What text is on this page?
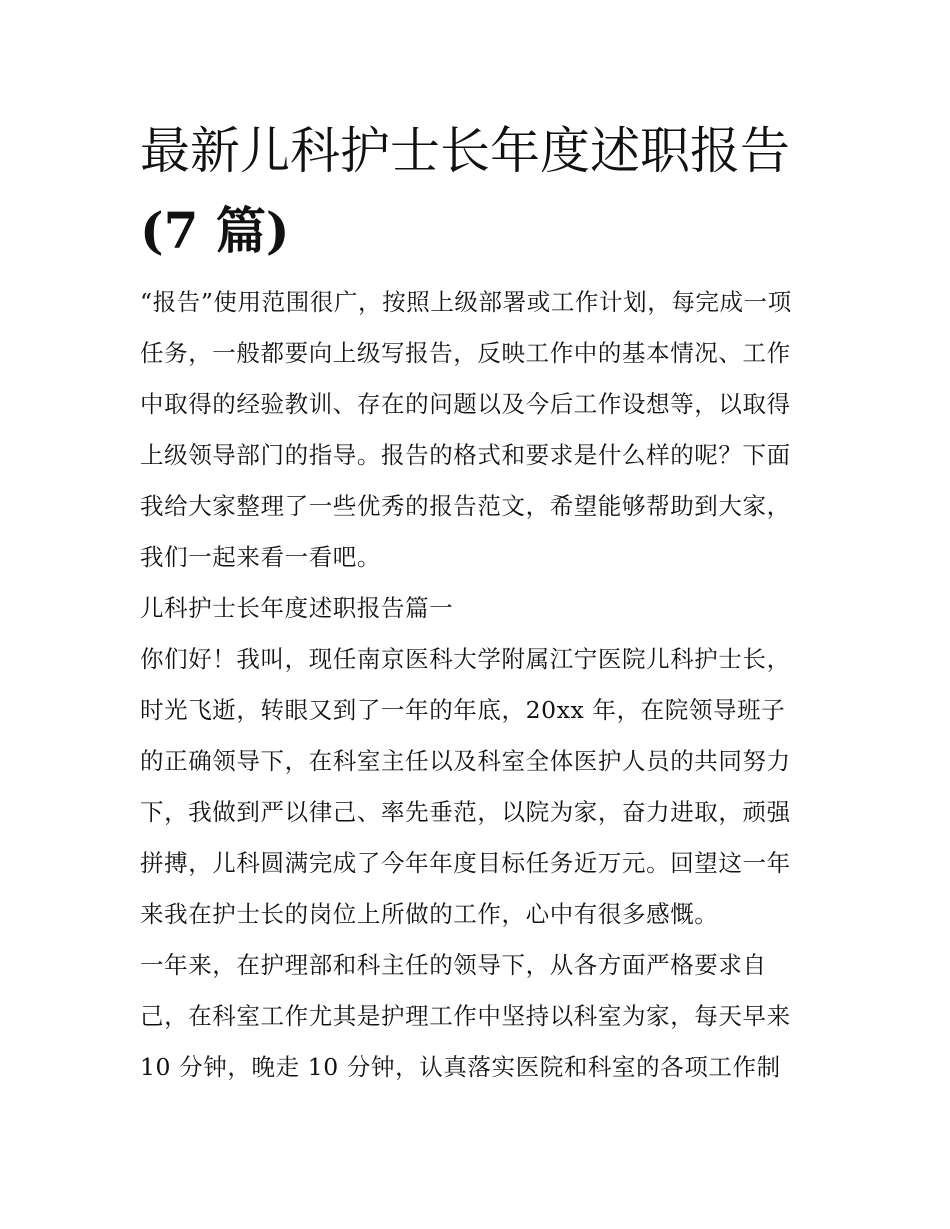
最新儿科护士长年度述职报告
(7 篇)
“报告”使用范围很广，按照上级部署或工作计划，每完成一项
任务，一般都要向上级写报告，反映工作中的基本情况、工作
中取得的经验教训、存在的问题以及今后工作设想等，以取得
上级领导部门的指导。报告的格式和要求是什么样的呢？下面
我给大家整理了一些优秀的报告范文，希望能够帮助到大家，
我们一起来看一看吧。
儿科护士长年度述职报告篇一
你们好！我叫，现任南京医科大学附属江宁医院儿科护士长，
时光飞逝，转眼又到了一年的年底，20xx 年，在院领导班子
的正确领导下，在科室主任以及科室全体医护人员的共同努力
下，我做到严以律己、率先垂范，以院为家，奋力进取，顽强
拼搏，儿科圆满完成了今年年度目标任务近万元。回望这一年
来我在护士长的岗位上所做的工作，心中有很多感慨。
一年来，在护理部和科主任的领导下，从各方面严格要求自
己，在科室工作尤其是护理工作中坚持以科室为家，每天早来
10 分钟，晚走 10 分钟，认真落实医院和科室的各项工作制
